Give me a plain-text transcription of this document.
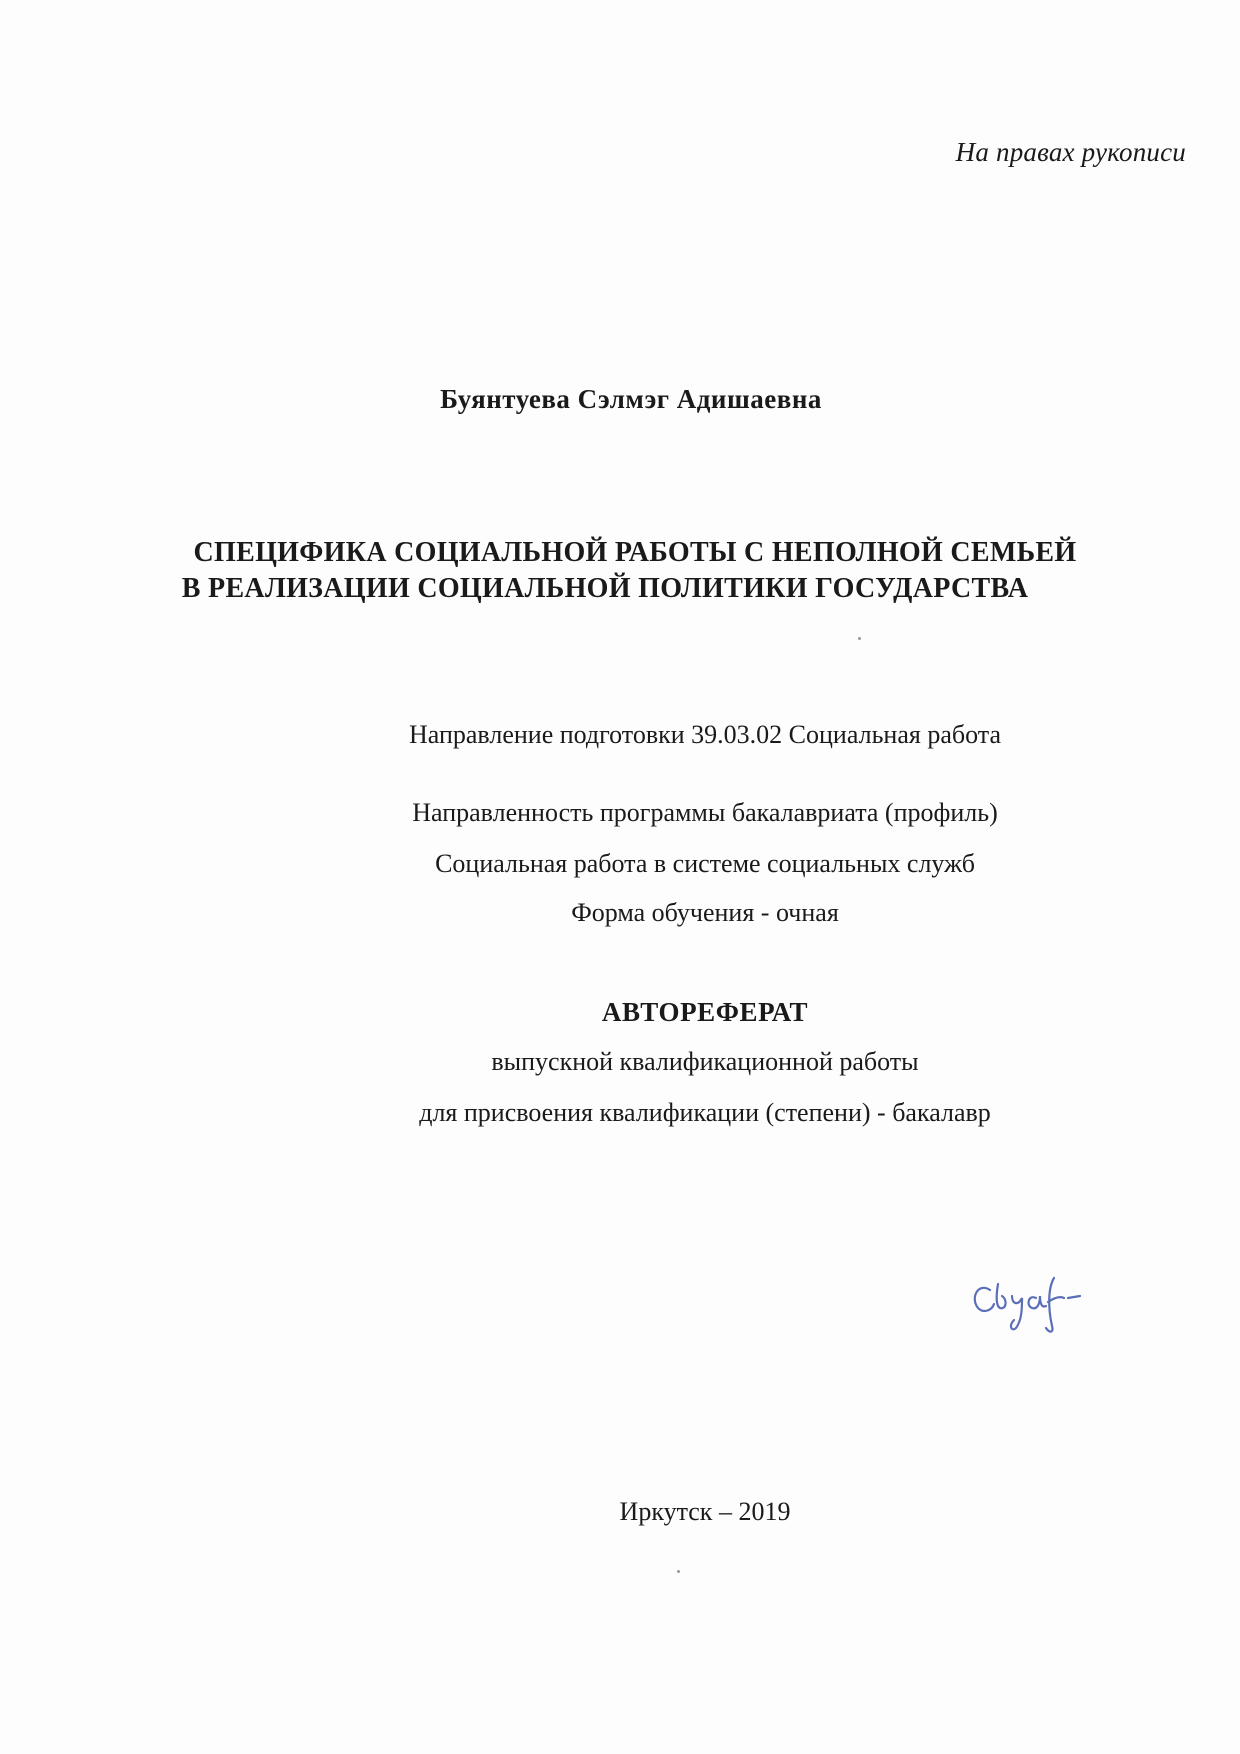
На правах рукописи
Буянтуева Сэлмэг Адишаевна
СПЕЦИФИКА СОЦИАЛЬНОЙ РАБОТЫ С НЕПОЛНОЙ СЕМЬЕЙ
В РЕАЛИЗАЦИИ СОЦИАЛЬНОЙ ПОЛИТИКИ ГОСУДАРСТВА
Направление подготовки 39.03.02 Социальная работа
Направленность программы бакалавриата (профиль)
Социальная работа в системе социальных служб
Форма обучения - очная
АВТОРЕФЕРАТ
выпускной квалификационной работы
для присвоения квалификации (степени) - бакалавр
Иркутск – 2019
